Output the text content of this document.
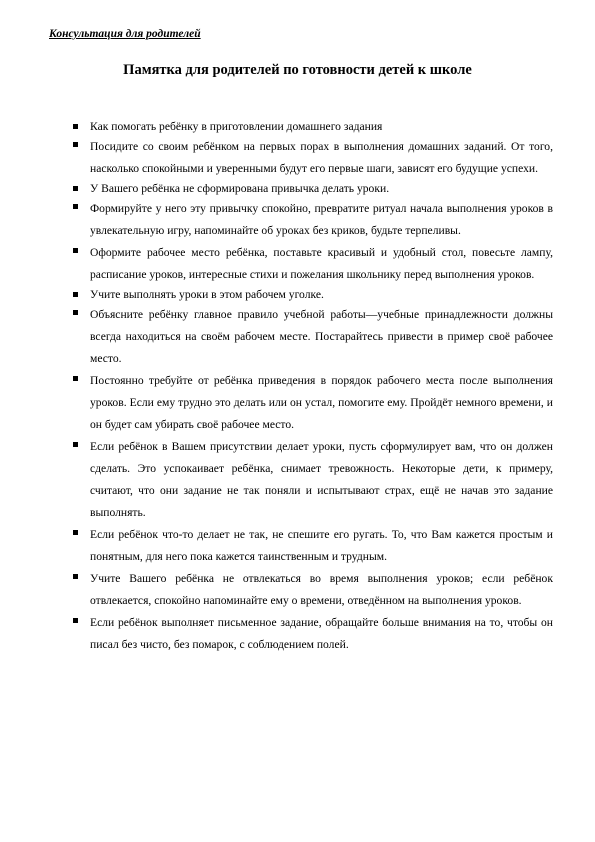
Консультация для родителей
Памятка для родителей по готовности детей к школе
Как помогать ребёнку в приготовлении домашнего задания
Посидите со своим ребёнком на первых порах в выполнения домашних заданий. От того, насколько спокойными и уверенными будут его первые шаги, зависят его будущие успехи.
У Вашего ребёнка не сформирована привычка делать уроки.
Формируйте у него эту привычку спокойно, превратите ритуал начала выполнения уроков в увлекательную игру, напоминайте об уроках без криков, будьте терпеливы.
Оформите рабочее место ребёнка, поставьте красивый и удобный стол, повесьте лампу, расписание уроков, интересные стихи и пожелания школьнику перед выполнения уроков.
Учите выполнять уроки в этом рабочем уголке.
Объясните ребёнку главное правило учебной работы—учебные принадлежности должны всегда находиться на своём рабочем месте. Постарайтесь привести в пример своё рабочее место.
Постоянно требуйте от ребёнка приведения в порядок рабочего места после выполнения уроков. Если ему трудно это делать или он устал, помогите ему. Пройдёт немного времени, и он будет сам убирать своё рабочее место.
Если ребёнок в Вашем присутствии делает уроки, пусть сформулирует вам, что он должен сделать. Это успокаивает ребёнка, снимает тревожность. Некоторые дети, к примеру, считают, что они задание не так поняли и испытывают страх, ещё не начав это задание выполнять.
Если ребёнок что-то делает не так, не спешите его ругать. То, что Вам кажется простым и понятным, для него пока кажется таинственным и трудным.
Учите Вашего ребёнка не отвлекаться во время выполнения уроков; если ребёнок отвлекается, спокойно напоминайте ему о времени, отведённом на выполнения уроков.
Если ребёнок выполняет письменное задание, обращайте больше внимания на то, чтобы он писал без чисто, без помарок, с соблюдением полей.
